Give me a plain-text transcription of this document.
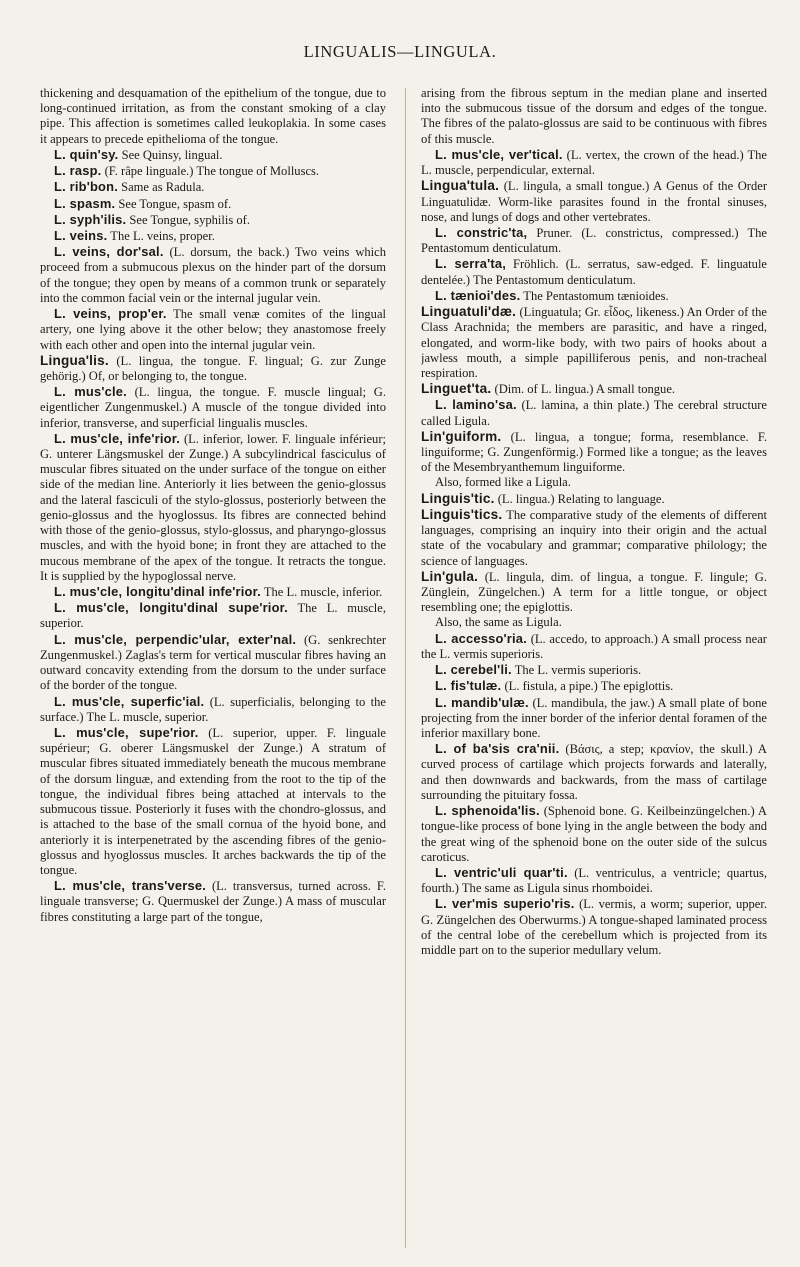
LINGUALIS—LINGULA.

thickening and desquamation of the epithelium of the tongue, due to long-continued irritation, as from the constant smoking of a clay pipe. This affection is sometimes called leukoplakia. In some cases it appears to precede epithelioma of the tongue.

L. quin'sy. See Quinsy, lingual.

L. rasp. (F. râpe linguale.) The tongue of Molluscs.

L. rib'bon. Same as Radula.

L. spasm. See Tongue, spasm of.

L. syph'ilis. See Tongue, syphilis of.

L. veins. The L. veins, proper.

L. veins, dor'sal. (L. dorsum, the back.) Two veins which proceed from a submucous plexus on the hinder part of the dorsum of the tongue; they open by means of a common trunk or separately into the common facial vein or the internal jugular vein.

L. veins, prop'er. The small venæ comites of the lingual artery, one lying above it the other below; they anastomose freely with each other and open into the internal jugular vein.

Lingua'lis. (L. lingua, the tongue. F. lingual; G. zur Zunge gehörig.) Of, or belonging to, the tongue.

L. mus'cle. (L. lingua, the tongue. F. muscle lingual; G. eigentlicher Zungenmuskel.) A muscle of the tongue divided into inferior, transverse, and superficial lingualis muscles.

L. mus'cle, infe'rior. (L. inferior, lower. F. linguale inférieur; G. unterer Längsmuskel der Zunge.) A subcylindrical fasciculus of muscular fibres situated on the under surface of the tongue on either side of the median line. Anteriorly it lies between the genio-glossus and the lateral fasciculi of the stylo-glossus, posteriorly between the genio-glossus and the hyoglossus. Its fibres are connected behind with those of the genio-glossus, stylo-glossus, and pharyngo-glossus muscles, and with the hyoid bone; in front they are attached to the mucous membrane of the apex of the tongue. It retracts the tongue. It is supplied by the hypoglossal nerve.

L. mus'cle, longitu'dinal infe'rior. The L. muscle, inferior.

L. mus'cle, longitu'dinal supe'rior. The L. muscle, superior.

L. mus'cle, perpendic'ular, exter'nal. (G. senkrechter Zungenmuskel.) Zaglas's term for vertical muscular fibres having an outward concavity extending from the dorsum to the under surface of the border of the tongue.

L. mus'cle, superfic'ial. (L. superficialis, belonging to the surface.) The L. muscle, superior.

L. mus'cle, supe'rior. (L. superior, upper. F. linguale supérieur; G. oberer Längsmuskel der Zunge.) A stratum of muscular fibres situated immediately beneath the mucous membrane of the dorsum linguæ, and extending from the root to the tip of the tongue, the individual fibres being attached at intervals to the submucous tissue. Posteriorly it fuses with the chondro-glossus, and is attached to the base of the small cornua of the hyoid bone, and anteriorly it is interpenetrated by the ascending fibres of the genio-glossus and hyoglossus muscles. It arches backwards the tip of the tongue.

L. mus'cle, trans'verse. (L. transversus, turned across. F. linguale transverse; G. Quermuskel der Zunge.) A mass of muscular fibres constituting a large part of the tongue,

arising from the fibrous septum in the median plane and inserted into the submucous tissue of the dorsum and edges of the tongue. The fibres of the palato-glossus are said to be continuous with fibres of this muscle.

L. mus'cle, ver'tical. (L. vertex, the crown of the head.) The L. muscle, perpendicular, external.

Lingua'tula. (L. lingula, a small tongue.) A Genus of the Order Linguatulidæ. Worm-like parasites found in the frontal sinuses, nose, and lungs of dogs and other vertebrates.

L. constric'ta, Pruner. (L. constrictus, compressed.) The Pentastomum denticulatum.

L. serra'ta, Fröhlich. (L. serratus, saw-edged. F. linguatule dentelée.) The Pentastomum denticulatum.

L. tænioi'des. The Pentastomum tænioides.

Linguatuli'dæ. (Linguatula; Gr. εἶδος, likeness.) An Order of the Class Arachnida; the members are parasitic, and have a ringed, elongated, and worm-like body, with two pairs of hooks about a jawless mouth, a simple papilliferous penis, and non-tracheal respiration.

Linguet'ta. (Dim. of L. lingua.) A small tongue.

L. lamino'sa. (L. lamina, a thin plate.) The cerebral structure called Ligula.

Lin'guiform. (L. lingua, a tongue; forma, resemblance. F. linguiforme; G. Zungenförmig.) Formed like a tongue; as the leaves of the Mesembryanthemum linguiforme.

Also, formed like a Ligula.

Linguis'tic. (L. lingua.) Relating to language.

Linguis'tics. The comparative study of the elements of different languages, comprising an inquiry into their origin and the actual state of the vocabulary and grammar; comparative philology; the science of languages.

Lin'gula. (L. lingula, dim. of lingua, a tongue. F. lingule; G. Zünglein, Züngelchen.) A term for a little tongue, or object resembling one; the epiglottis.

Also, the same as Ligula.

L. accesso'ria. (L. accedo, to approach.) A small process near the L. vermis superioris.

L. cerebel'li. The L. vermis superioris.

L. fis'tulæ. (L. fistula, a pipe.) The epiglottis.

L. mandib'ulæ. (L. mandibula, the jaw.) A small plate of bone projecting from the inner border of the inferior dental foramen of the inferior maxillary bone.

L. of ba'sis cra'nii. (Βάσις, a step; κρανίον, the skull.) A curved process of cartilage which projects forwards and laterally, and then downwards and backwards, from the mass of cartilage surrounding the pituitary fossa.

L. sphenoida'lis. (Sphenoid bone. G. Keilbeinzüngelchen.) A tongue-like process of bone lying in the angle between the body and the great wing of the sphenoid bone on the outer side of the sulcus caroticus.

L. ventric'uli quar'ti. (L. ventriculus, a ventricle; quartus, fourth.) The same as Ligula sinus rhomboidei.

L. ver'mis superio'ris. (L. vermis, a worm; superior, upper. G. Züngelchen des Oberwurms.) A tongue-shaped laminated process of the central lobe of the cerebellum which is projected from its middle part on to the superior medullary velum.
